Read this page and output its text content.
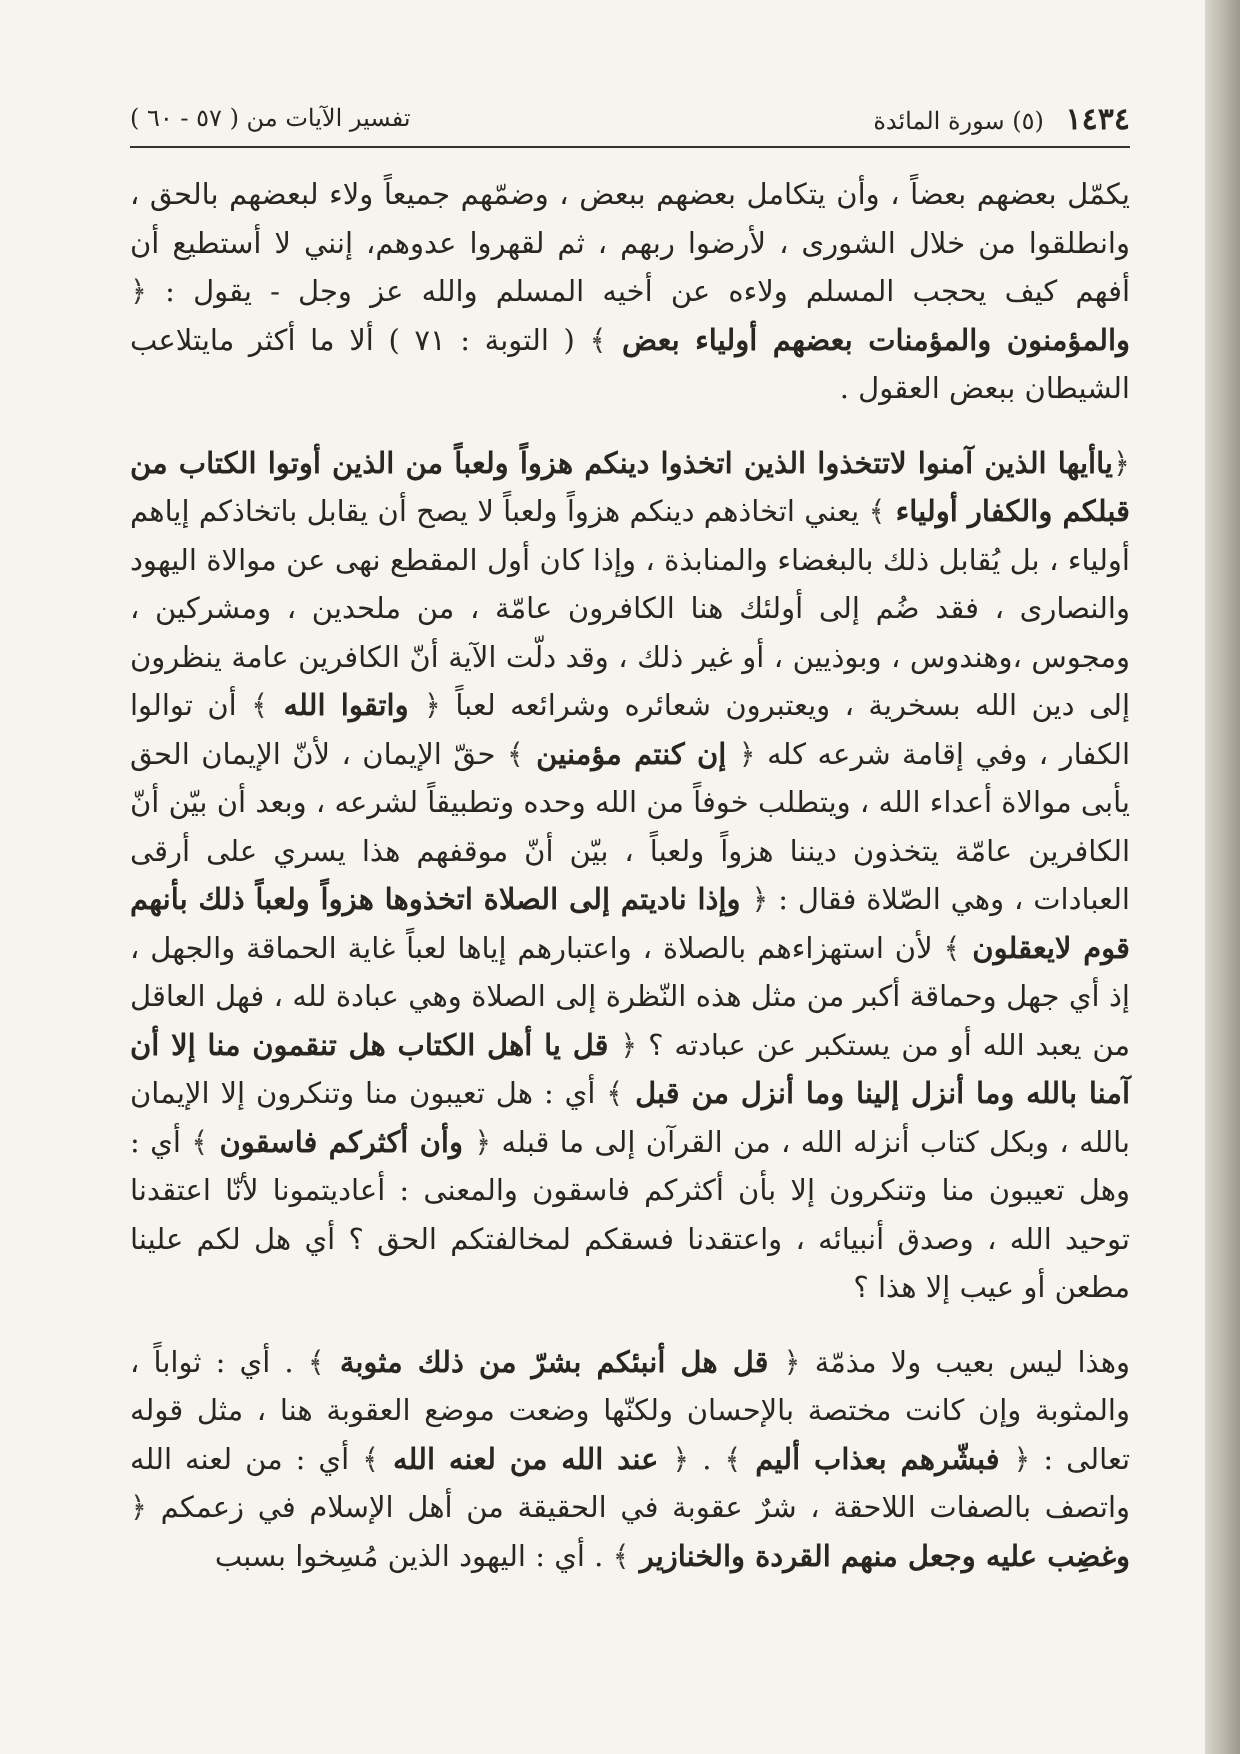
١٤٣٤ (٥) سورة المائدة
تفسير الآيات من ( ٥٧ - ٦٠ )

يكمّل بعضهم بعضاً ، وأن يتكامل بعضهم ببعض ، وضمّهم جميعاً ولاء لبعضهم بالحق ، وانطلقوا من خلال الشورى ، لأرضوا ربهم ، ثم لقهروا عدوهم، إنني لا أستطيع أن أفهم كيف يحجب المسلم ولاءه عن أخيه المسلم والله عز وجل - يقول : ﴿ والمؤمنون والمؤمنات بعضهم أولياء بعض ﴾ ( التوبة : ٧١ ) ألا ما أكثر مايتلاعب الشيطان ببعض العقول .

﴿ياأيها الذين آمنوا لاتتخذوا الذين اتخذوا دينكم هزواً ولعباً من الذين أوتوا الكتاب من قبلكم والكفار أولياء ﴾ يعني اتخاذهم دينكم هزواً ولعباً لا يصح أن يقابل باتخاذكم إياهم أولياء ، بل يُقابل ذلك بالبغضاء والمنابذة ، وإذا كان أول المقطع نهى عن موالاة اليهود والنصارى ، فقد ضُم إلى أولئك هنا الكافرون عامّة ، من ملحدين ، ومشركين ، ومجوس ،وهندوس ، وبوذيين ، أو غير ذلك ، وقد دلّت الآية أنّ الكافرين عامة ينظرون إلى دين الله بسخرية ، ويعتبرون شعائره وشرائعه لعباً ﴿ واتقوا الله ﴾ أن توالوا الكفار ، وفي إقامة شرعه كله ﴿ إن كنتم مؤمنين ﴾ حقّ الإيمان ، لأنّ الإيمان الحق يأبى موالاة أعداء الله ، ويتطلب خوفاً من الله وحده وتطبيقاً لشرعه ، وبعد أن بيّن أنّ الكافرين عامّة يتخذون ديننا هزواً ولعباً ، بيّن أنّ موقفهم هذا يسري على أرقى العبادات ، وهي الصّلاة فقال : ﴿ وإذا ناديتم إلى الصلاة اتخذوها هزواً ولعباً ذلك بأنهم قوم لايعقلون ﴾ لأن استهزاءهم بالصلاة ، واعتبارهم إياها لعباً غاية الحماقة والجهل ، إذ أي جهل وحماقة أكبر من مثل هذه النّظرة إلى الصلاة وهي عبادة لله ، فهل العاقل من يعبد الله أو من يستكبر عن عبادته ؟ ﴿ قل يا أهل الكتاب هل تنقمون منا إلا أن آمنا بالله وما أنزل إلينا وما أنزل من قبل ﴾ أي : هل تعيبون منا وتنكرون إلا الإيمان بالله ، وبكل كتاب أنزله الله ، من القرآن إلى ما قبله ﴿ وأن أكثركم فاسقون ﴾ أي : وهل تعيبون منا وتنكرون إلا بأن أكثركم فاسقون والمعنى : أعاديتمونا لأنّا اعتقدنا توحيد الله ، وصدق أنبيائه ، واعتقدنا فسقكم لمخالفتكم الحق ؟ أي هل لكم علينا مطعن أو عيب إلا هذا ؟

وهذا ليس بعيب ولا مذمّة ﴿ قل هل أنبئكم بشرّ من ذلك مثوبة ﴾ . أي : ثواباً ، والمثوبة وإن كانت مختصة بالإحسان ولكنّها وضعت موضع العقوبة هنا ، مثل قوله تعالى : ﴿ فبشّرهم بعذاب أليم ﴾ . ﴿ عند الله من لعنه الله ﴾ أي : من لعنه الله واتصف بالصفات اللاحقة ، شرٌ عقوبة في الحقيقة من أهل الإسلام في زعمكم ﴿ وغضِب عليه وجعل منهم القردة والخنازير ﴾ . أي : اليهود الذين مُسِخوا بسبب
